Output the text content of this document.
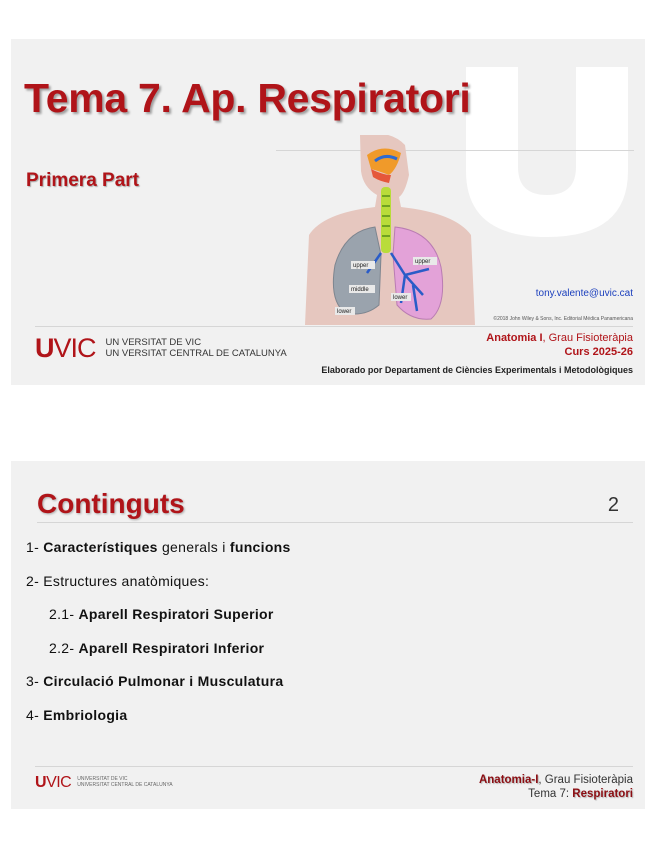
Tema 7. Ap. Respiratori
Primera Part
upper
upper
middle
lower
lower	tony.valente@uvic.cat
©2018 John Wiley & Sons, Inc. Editorial Médica Panamericana
UVIC UN VERSITAT DE VIC
UN VERSITAT CENTRAL DE CATALUNYA
Anatomia I, Grau Fisioteràpia
Curs 2025-26
Elaborado por Departament de Ciències Experimentals i Metodològiques
Continguts	2
1- Característiques generals i funcions
2- Estructures anatòmiques:
2.1- Aparell Respiratori Superior
2.2- Aparell Respiratori Inferior
3- Circulació Pulmonar i Musculatura
4- Embriologia
UVIC UNIVERSITAT DE VIC
UNIVERSITAT CENTRAL DE CATALUNYA	Anatomia-I, Grau Fisioteràpia
Tema 7: Respiratori
